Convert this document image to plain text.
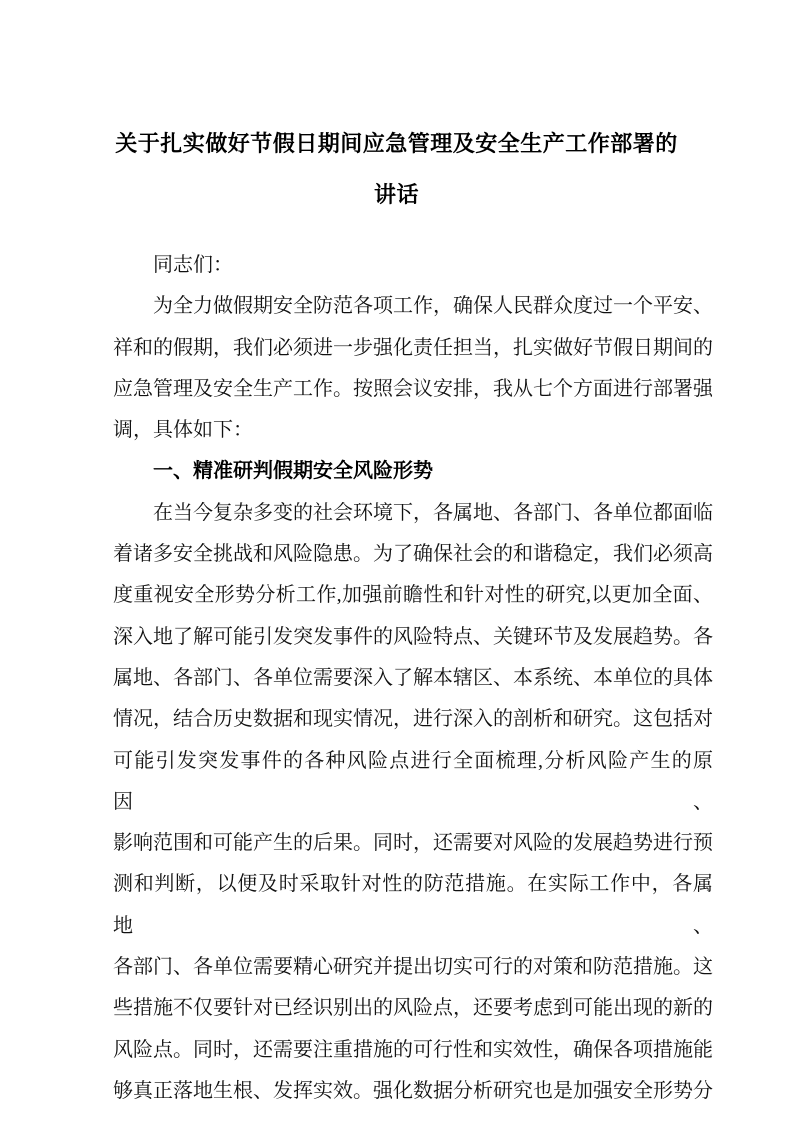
关于扎实做好节假日期间应急管理及安全生产工作部署的
讲话
同志们：
为全力做假期安全防范各项工作，确保人民群众度过一个平安、
祥和的假期，我们必须进一步强化责任担当，扎实做好节假日期间的
应急管理及安全生产工作。按照会议安排，我从七个方面进行部署强
调，具体如下：
一、精准研判假期安全风险形势
在当今复杂多变的社会环境下，各属地、各部门、各单位都面临
着诸多安全挑战和风险隐患。为了确保社会的和谐稳定，我们必须高
度重视安全形势分析工作,加强前瞻性和针对性的研究,以更加全面、
深入地了解可能引发突发事件的风险特点、关键环节及发展趋势。各
属地、各部门、各单位需要深入了解本辖区、本系统、本单位的具体
情况，结合历史数据和现实情况，进行深入的剖析和研究。这包括对
可能引发突发事件的各种风险点进行全面梳理,分析风险产生的原因、
影响范围和可能产生的后果。同时，还需要对风险的发展趋势进行预
测和判断，以便及时采取针对性的防范措施。在实际工作中，各属地、
各部门、各单位需要精心研究并提出切实可行的对策和防范措施。这
些措施不仅要针对已经识别出的风险点，还要考虑到可能出现的新的
风险点。同时，还需要注重措施的可行性和实效性，确保各项措施能
够真正落地生根、发挥实效。强化数据分析研究也是加强安全形势分
